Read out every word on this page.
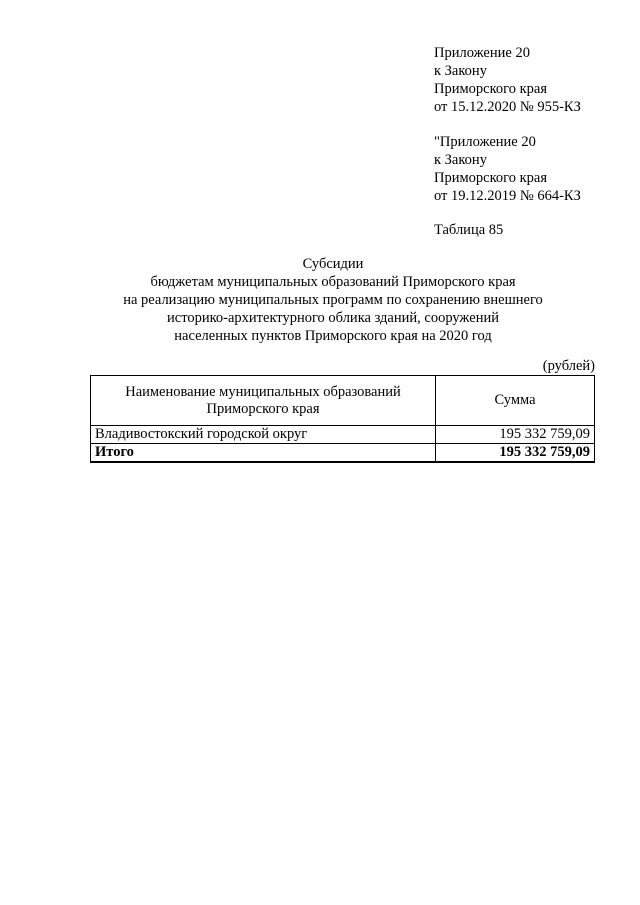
Приложение 20
к Закону
Приморского края
от 15.12.2020 № 955-КЗ
"Приложение 20
к Закону
Приморского края
от 19.12.2019 № 664-КЗ
Таблица 85
Субсидии
бюджетам муниципальных образований Приморского края
на реализацию муниципальных программ по сохранению внешнего
историко-архитектурного облика зданий, сооружений
населенных пунктов Приморского края на 2020 год
(рублей)
Наименование муниципальных образований
Приморского края	Сумма
Владивостокский городской округ	195 332 759,09
Итого	195 332 759,09
